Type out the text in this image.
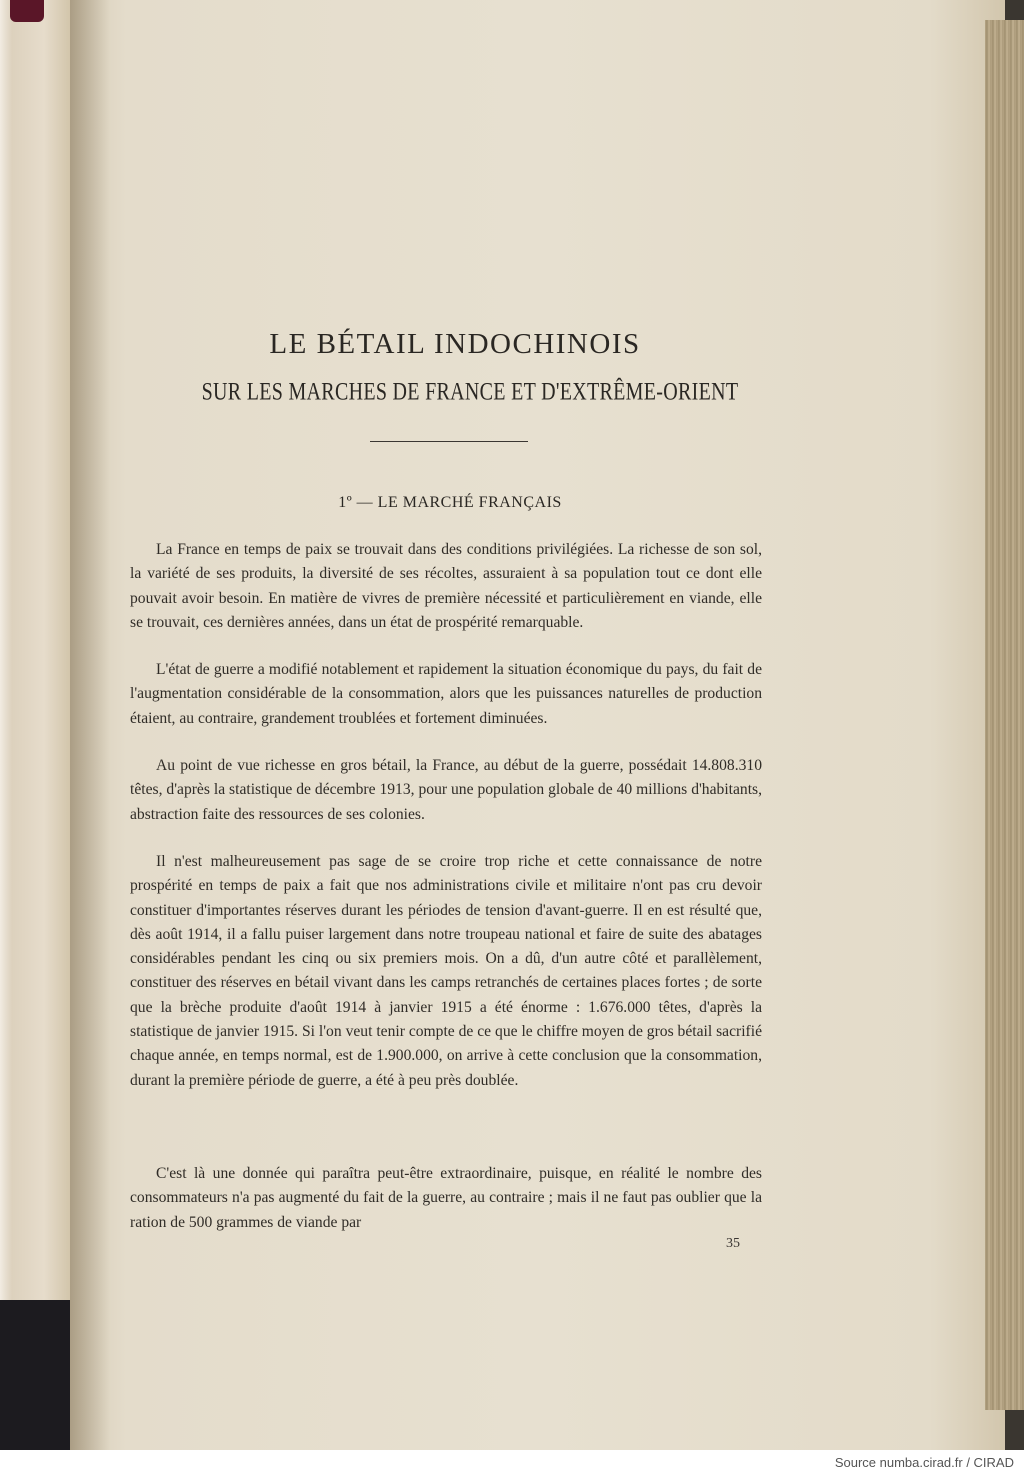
LE BÉTAIL INDOCHINOIS
SUR LES MARCHES DE FRANCE ET D'EXTRÊME-ORIENT
1º — LE MARCHÉ FRANÇAIS

La France en temps de paix se trouvait dans des conditions privilégiées. La richesse de son sol, la variété de ses produits, la diversité de ses récoltes, assuraient à sa population tout ce dont elle pouvait avoir besoin. En matière de vivres de première nécessité et particulièrement en viande, elle se trouvait, ces dernières années, dans un état de prospérité remarquable.

L'état de guerre a modifié notablement et rapidement la situation économique du pays, du fait de l'augmentation considérable de la consommation, alors que les puissances naturelles de production étaient, au contraire, grandement troublées et fortement diminuées.

Au point de vue richesse en gros bétail, la France, au début de la guerre, possédait 14.808.310 têtes, d'après la statistique de décembre 1913, pour une population globale de 40 millions d'habitants, abstraction faite des ressources de ses colonies.

Il n'est malheureusement pas sage de se croire trop riche et cette connaissance de notre prospérité en temps de paix a fait que nos administrations civile et militaire n'ont pas cru devoir constituer d'importantes réserves durant les périodes de tension d'avant-guerre. Il en est résulté que, dès août 1914, il a fallu puiser largement dans notre troupeau national et faire de suite des abatages considérables pendant les cinq ou six premiers mois. On a dû, d'un autre côté et parallèlement, constituer des réserves en bétail vivant dans les camps retranchés de certaines places fortes ; de sorte que la brèche produite d'août 1914 à janvier 1915 a été énorme : 1.676.000 têtes, d'après la statistique de janvier 1915. Si l'on veut tenir compte de ce que le chiffre moyen de gros bétail sacrifié chaque année, en temps normal, est de 1.900.000, on arrive à cette conclusion que la consommation, durant la première période de guerre, a été à peu près doublée.

C'est là une donnée qui paraîtra peut-être extraordinaire, puisque, en réalité le nombre des consommateurs n'a pas augmenté du fait de la guerre, au contraire ; mais il ne faut pas oublier que la ration de 500 grammes de viande par

35
Source numba.cirad.fr / CIRAD
